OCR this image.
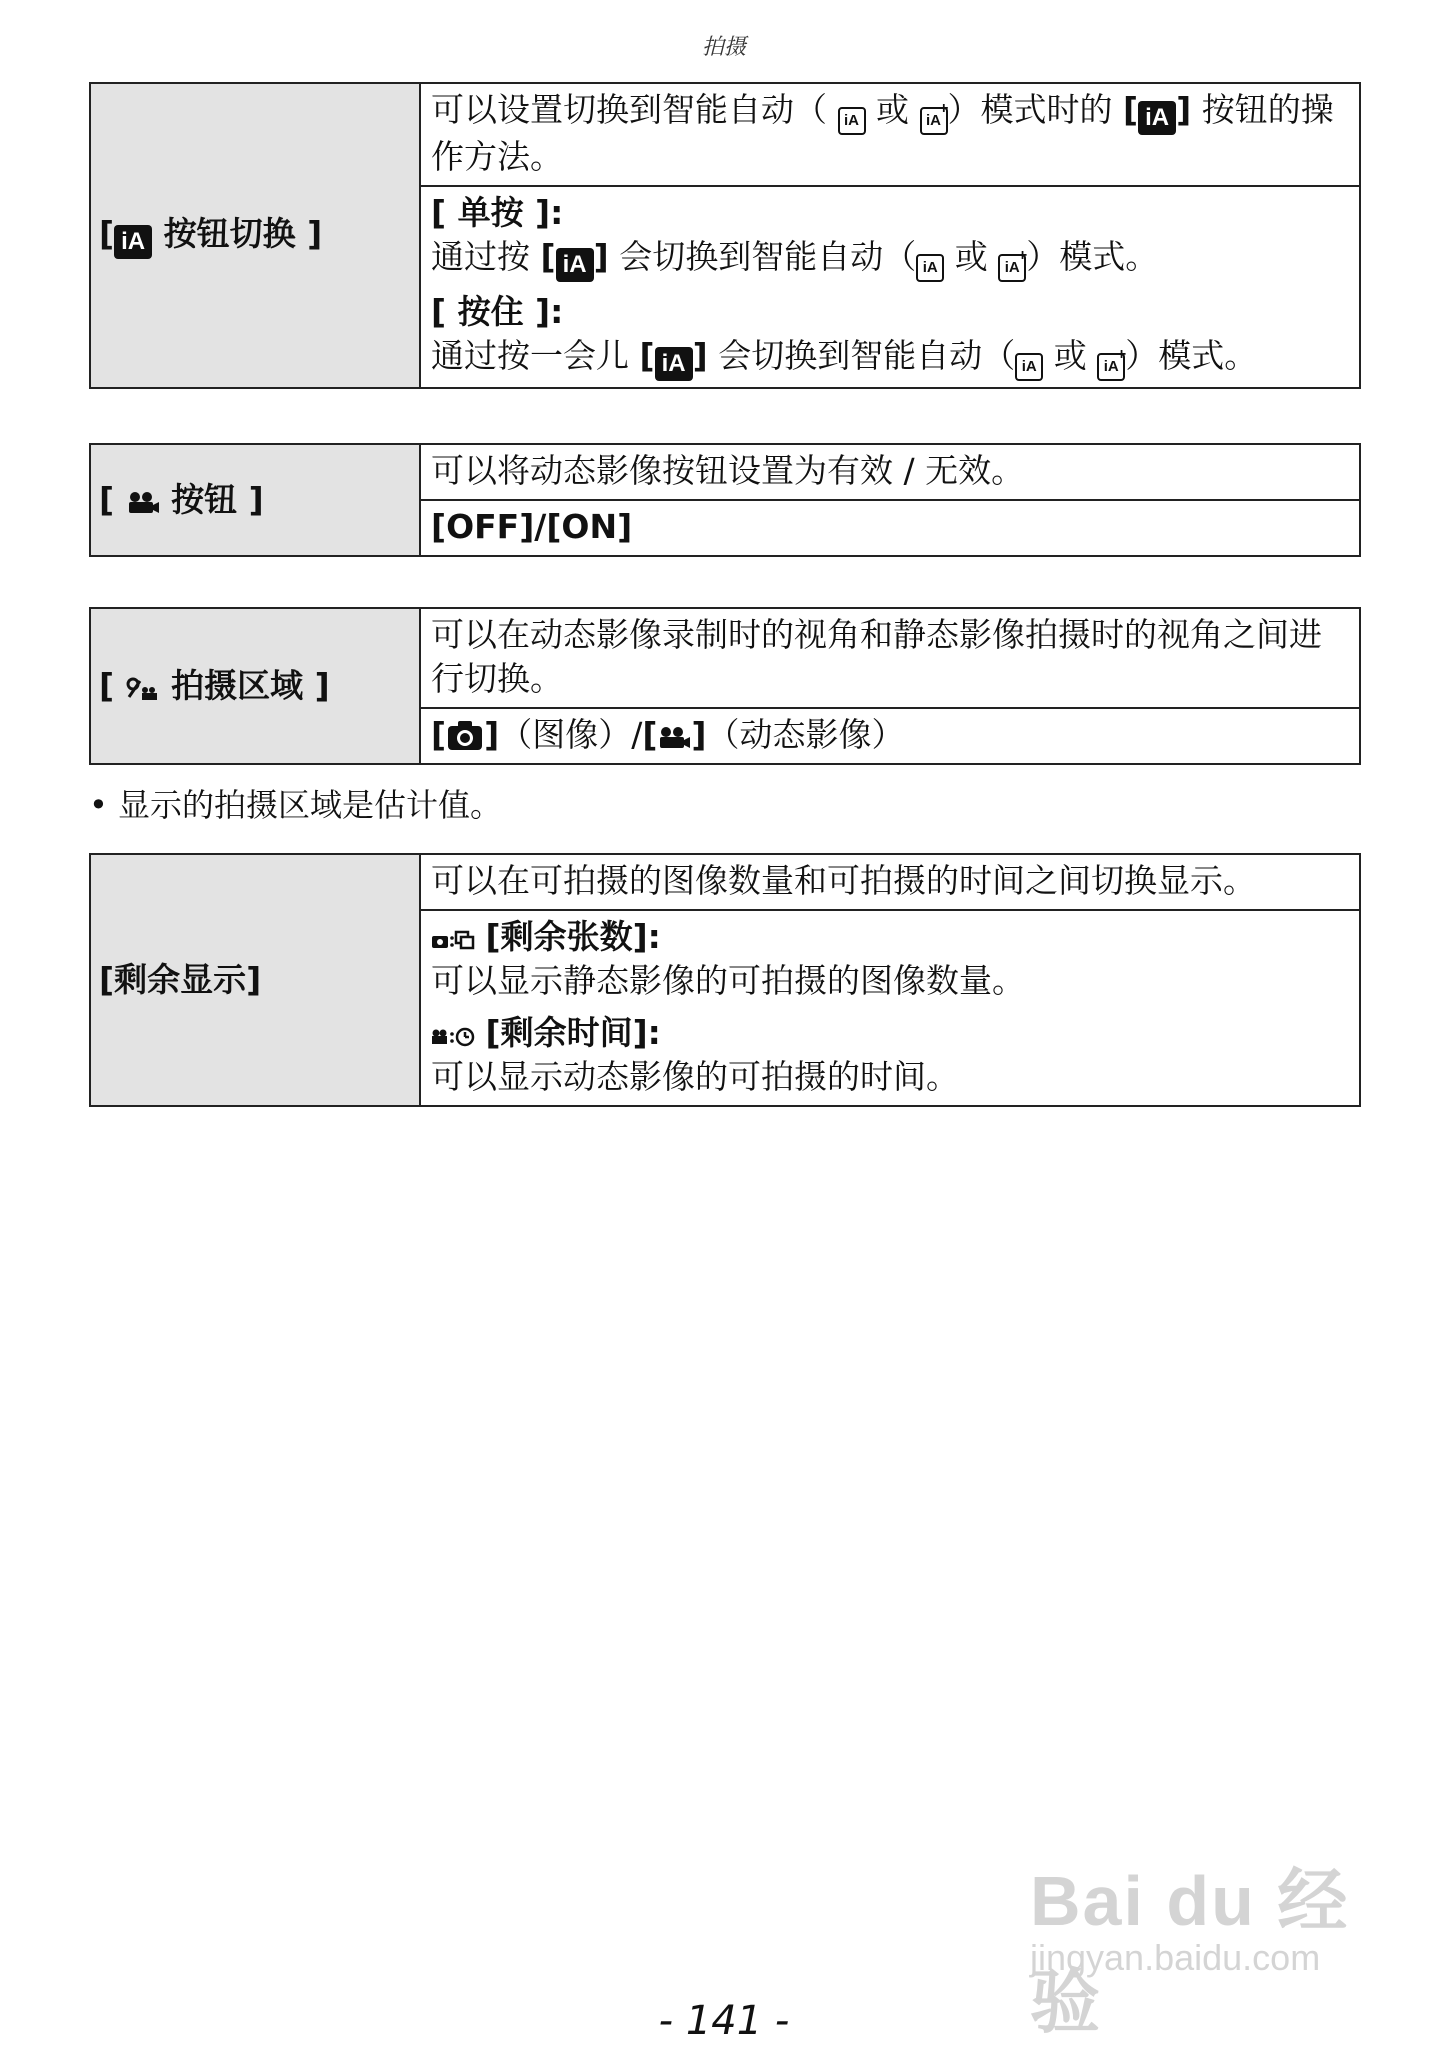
拍摄
[ iA 按钮切换 ]	可以设置切换到智能自动（ iA 或 iA + ）模式时的 [ iA ] 按钮的操作方法。

[ 单按 ]:
通过按 [ iA ] 会切换到智能自动（ iA 或 iA + ）模式。
[ 按住 ]:
通过按一会儿 [ iA ] 会切换到智能自动（ iA 或 iA + ）模式。
[  按钮 ]	可以将动态影像按钮设置为有效 / 无效。
[OFF]/[ON]
[  拍摄区域 ]	可以在动态影像录制时的视角和静态影像拍摄时的视角之间进行切换。
[ ]（图像）/[ ]（动态影像）
• 显示的拍摄区域是估计值。
[剩余显示]	可以在可拍摄的图像数量和可拍摄的时间之间切换显示。

[剩余张数]:
可以显示静态影像的可拍摄的图像数量。
[剩余时间]:
可以显示动态影像的可拍摄的时间。
Bai du 经验
jingyan.baidu.com
- 141 -
